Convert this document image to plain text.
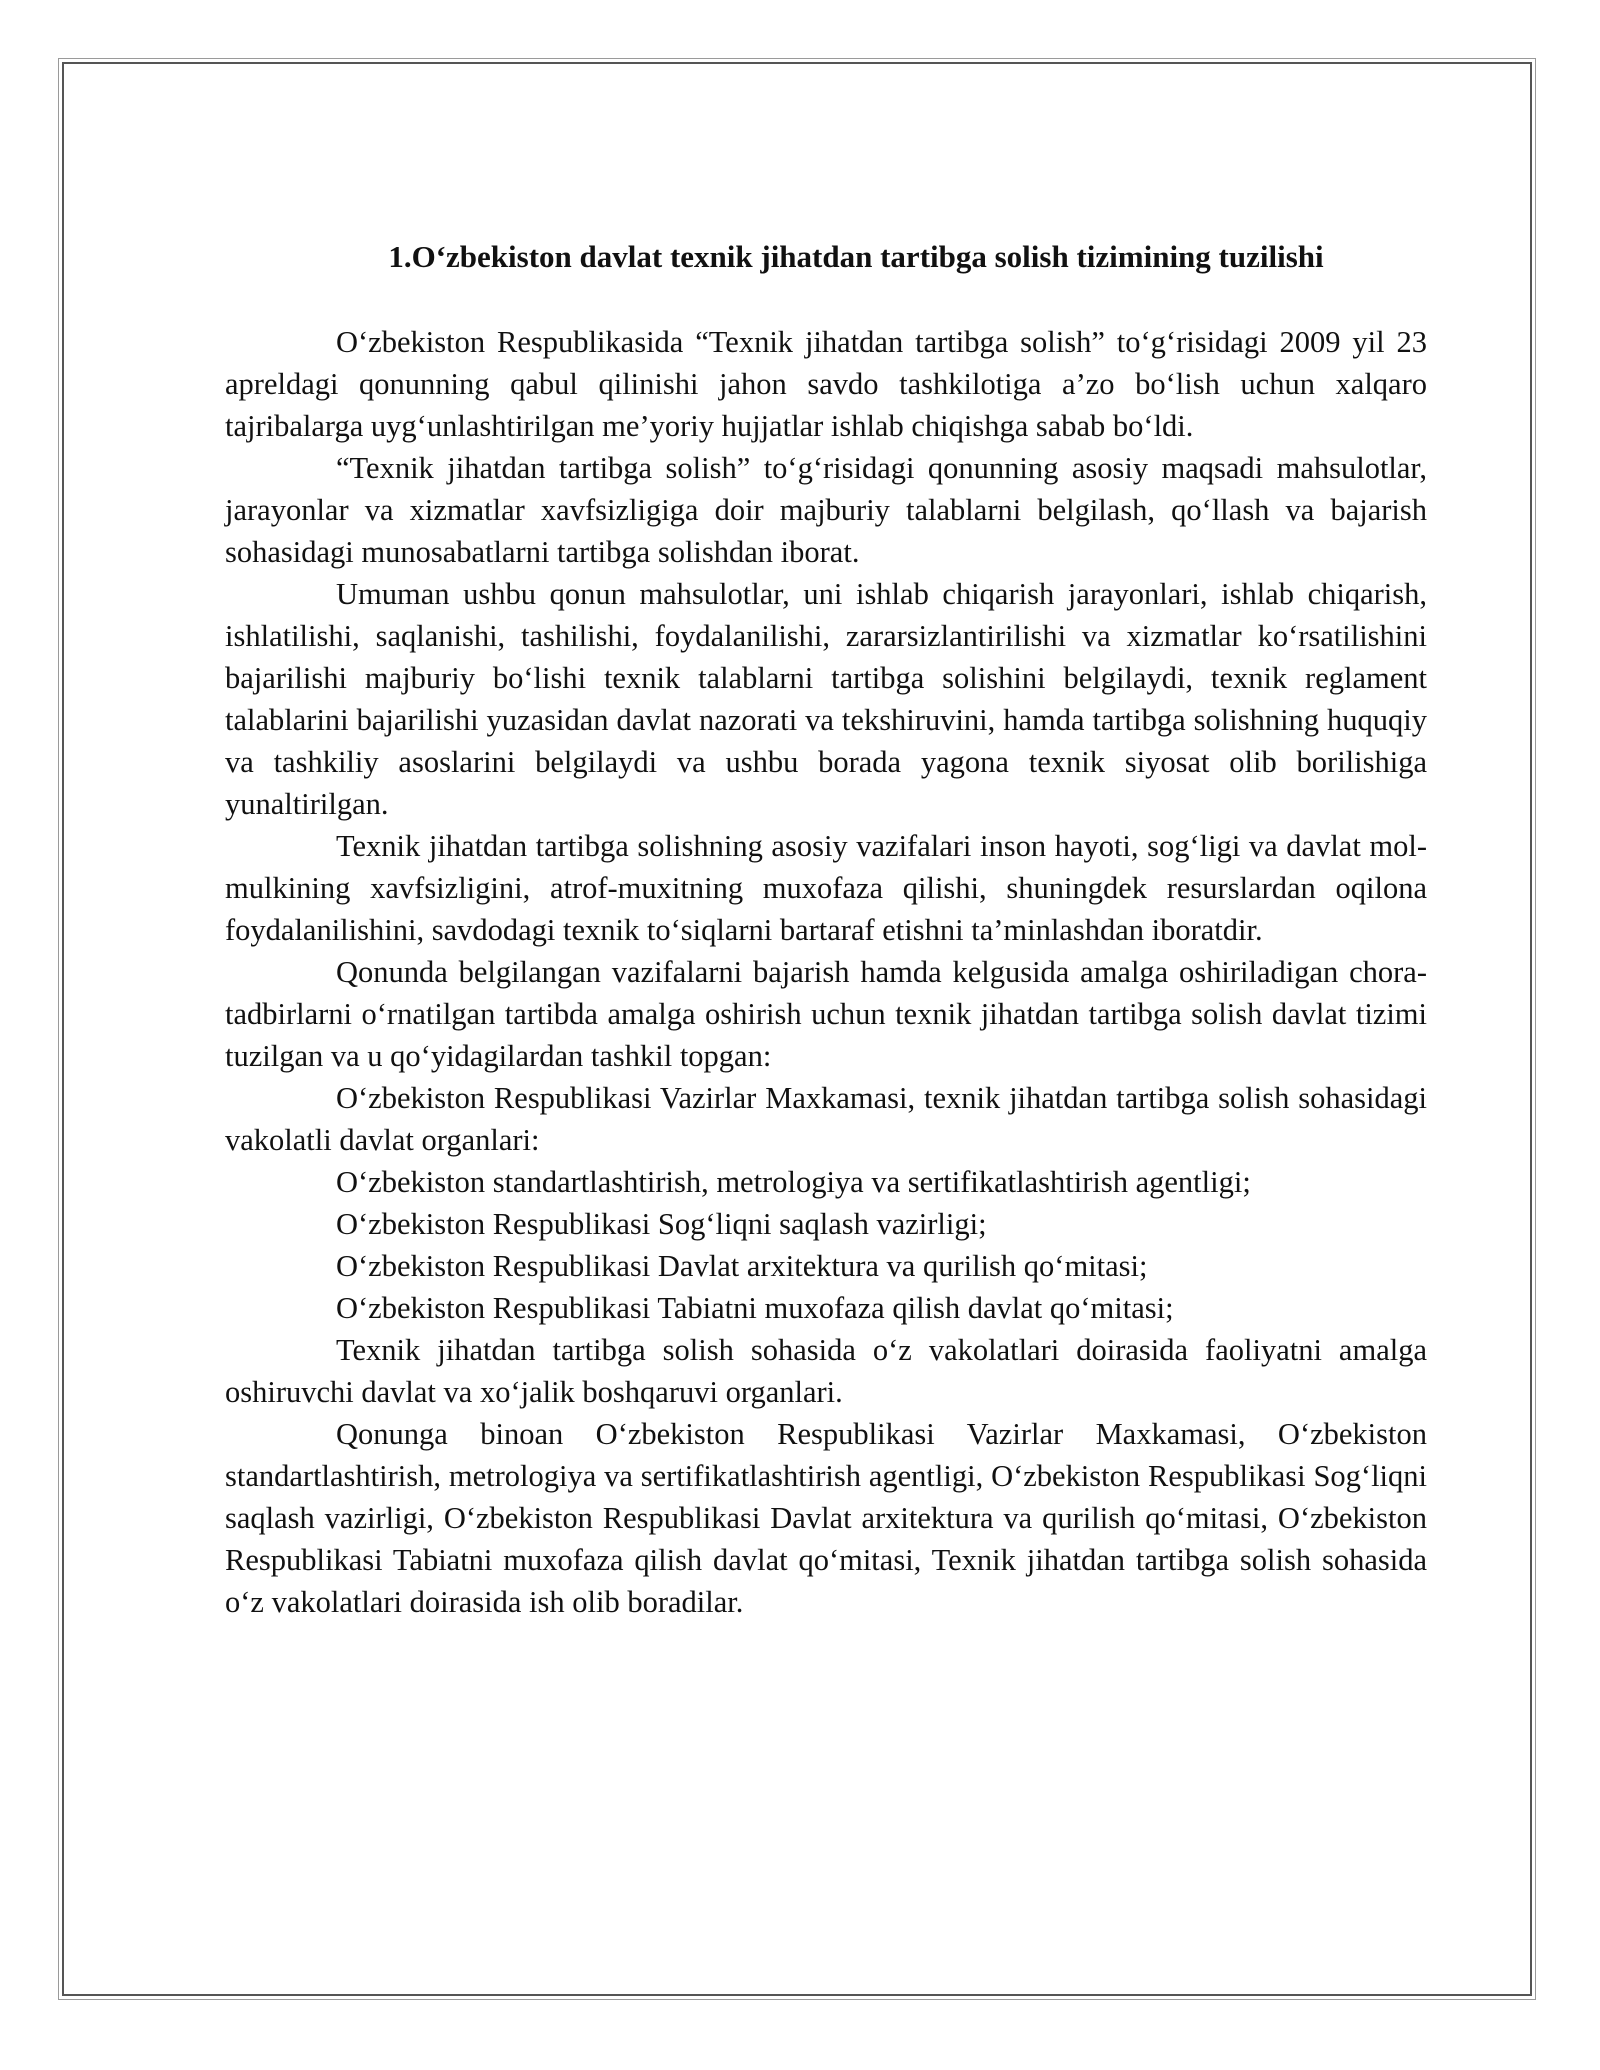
1.O‘zbekiston davlat texnik jihatdan tartibga solish tizimining tuzilishi

O‘zbekiston Respublikasida “Texnik jihatdan tartibga solish” to‘g‘risidagi 2009 yil 23 apreldagi qonunning qabul qilinishi jahon savdo tashkilotiga a’zo bo‘lish uchun xalqaro tajribalarga uyg‘unlashtirilgan me’yoriy hujjatlar ishlab chiqishga sabab bo‘ldi.

“Texnik jihatdan tartibga solish” to‘g‘risidagi qonunning asosiy maqsadi mahsulotlar, jarayonlar va xizmatlar xavfsizligiga doir majburiy talablarni belgilash, qo‘llash va bajarish sohasidagi munosabatlarni tartibga solishdan iborat.

Umuman ushbu qonun mahsulotlar, uni ishlab chiqarish jarayonlari, ishlab chiqarish, ishlatilishi, saqlanishi, tashilishi, foydalanilishi, zararsizlantirilishi va xizmatlar ko‘rsatilishini bajarilishi majburiy bo‘lishi texnik talablarni tartibga solishini belgilaydi, texnik reglament talablarini bajarilishi yuzasidan davlat nazorati va tekshiruvini, hamda tartibga solishning huquqiy va tashkiliy asoslarini belgilaydi va ushbu borada yagona texnik siyosat olib borilishiga yunaltirilgan.

Texnik jihatdan tartibga solishning asosiy vazifalari inson hayoti, sog‘ligi va davlat mol-mulkining xavfsizligini, atrof-muxitning muxofaza qilishi, shuningdek resurslardan oqilona foydalanilishini, savdodagi texnik to‘siqlarni bartaraf etishni ta’minlashdan iboratdir.

Qonunda belgilangan vazifalarni bajarish hamda kelgusida amalga oshiriladigan chora-tadbirlarni o‘rnatilgan tartibda amalga oshirish uchun texnik jihatdan tartibga solish davlat tizimi tuzilgan va u qo‘yidagilardan tashkil topgan:

O‘zbekiston Respublikasi Vazirlar Maxkamasi, texnik jihatdan tartibga solish sohasidagi vakolatli davlat organlari:

O‘zbekiston standartlashtirish, metrologiya va sertifikatlashtirish agentligi;

O‘zbekiston Respublikasi Sog‘liqni saqlash vazirligi;

O‘zbekiston Respublikasi Davlat arxitektura va qurilish qo‘mitasi;

O‘zbekiston Respublikasi Tabiatni muxofaza qilish davlat qo‘mitasi;

Texnik jihatdan tartibga solish sohasida o‘z vakolatlari doirasida faoliyatni amalga oshiruvchi davlat va xo‘jalik boshqaruvi organlari.

Qonunga binoan O‘zbekiston Respublikasi Vazirlar Maxkamasi, O‘zbekiston standartlashtirish, metrologiya va sertifikatlashtirish agentligi, O‘zbekiston Respublikasi Sog‘liqni saqlash vazirligi, O‘zbekiston Respublikasi Davlat arxitektura va qurilish qo‘mitasi, O‘zbekiston Respublikasi Tabiatni muxofaza qilish davlat qo‘mitasi, Texnik jihatdan tartibga solish sohasida o‘z vakolatlari doirasida ish olib boradilar.
